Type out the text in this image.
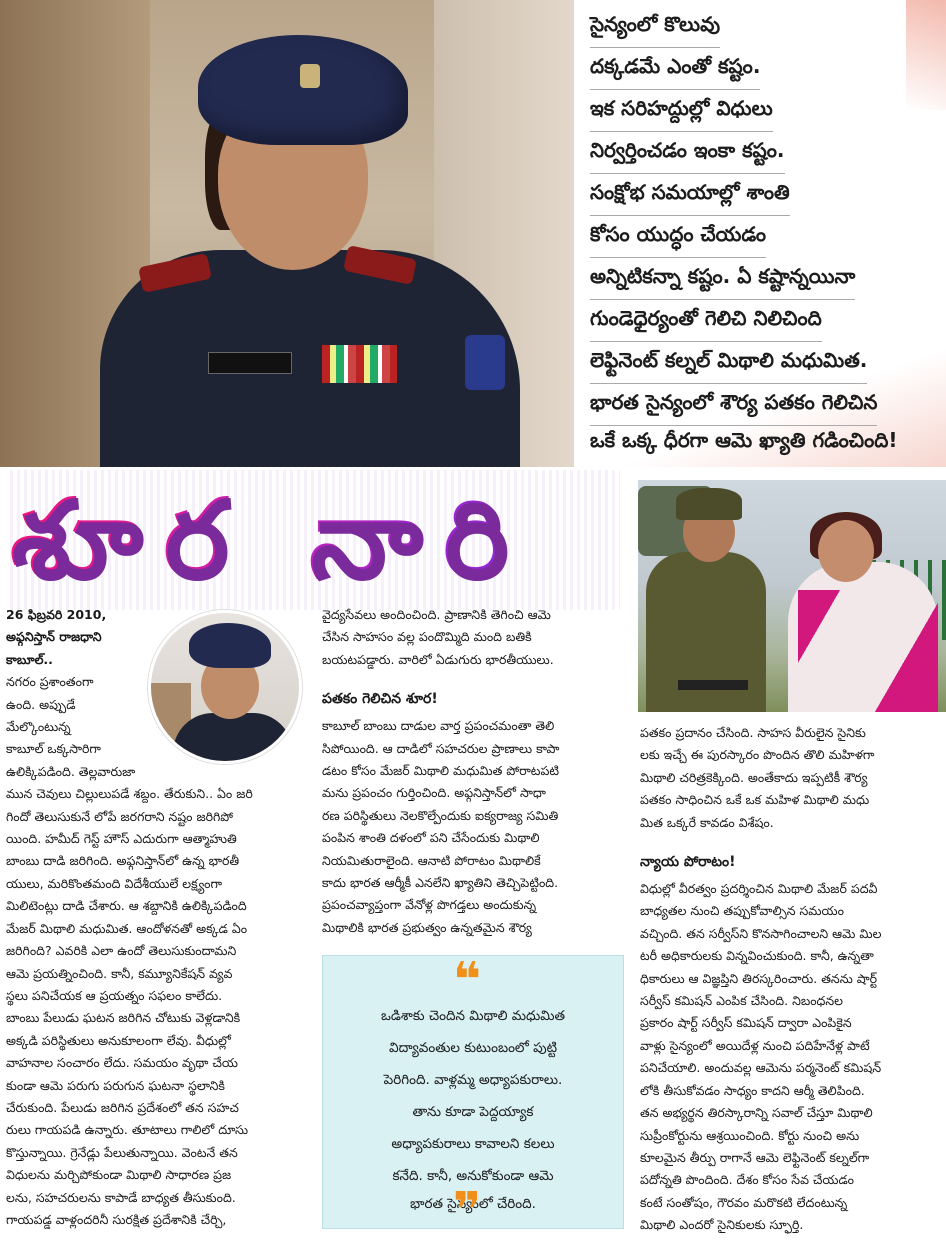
సైన్యంలో కొలువు
దక్కడమే ఎంతో కష్టం.
ఇక సరిహద్దుల్లో విధులు
నిర్వర్తించడం ఇంకా కష్టం.
సంక్షోభ సమయాల్లో శాంతి
కోసం యుద్ధం చేయడం
అన్నిటికన్నా కష్టం. ఏ కష్టాన్నయినా
గుండెధైర్యంతో గెలిచి నిలిచింది
లెఫ్టినెంట్ కల్నల్ మిథాలి మధుమిత.
భారత సైన్యంలో శౌర్య పతకం గెలిచిన
ఒకే ఒక్క ధీరగా ఆమె ఖ్యాతి గడించింది!
శూర నారి
26 ఫిబ్రవరి 2010,
అఫ్గనిస్తాన్ రాజధాని
కాబూల్..
నగరం ప్రశాంతంగా
ఉంది. అప్పుడే
మేల్కొంటున్న
కాబూల్ ఒక్కసారిగా
ఉలిక్కిపడింది. తెల్లవారుజా
మున చెవులు చిల్లులుపడే శబ్దం. తేరుకుని.. ఏం జరి
గిందో తెలుసుకునే లోపే జరగరాని నష్టం జరిగిపో
యింది. హమీద్ గెస్ట్ హౌస్ ఎదురుగా ఆత్మాహుతి
బాంబు దాడి జరిగింది. అఫ్గనిస్తాన్‌లో ఉన్న భారతీ
యులు, మరికొంతమంది విదేశీయులే లక్ష్యంగా
మిలిటెంట్లు దాడి చేశారు. ఆ శబ్దానికి ఉలిక్కిపడింది
మేజర్ మిథాలి మధుమిత. ఆందోళనతో అక్కడ ఏం
జరిగింది? ఎవరికి ఎలా ఉందో తెలుసుకుందామని
ఆమె ప్రయత్నించింది. కానీ, కమ్యూనికేషన్ వ్యవ
స్థలు పనిచేయక ఆ ప్రయత్నం సఫలం కాలేదు.
బాంబు పేలుడు ఘటన జరిగిన చోటుకు వెళ్లడానికి
అక్కడి పరిస్థితులు అనుకూలంగా లేవు. వీధుల్లో
వాహనాల సంచారం లేదు. సమయం వృథా చేయ
కుండా ఆమె పరుగు పరుగున ఘటనా స్థలానికి
చేరుకుంది. పేలుడు జరిగిన ప్రదేశంలో తన సహచ
రులు గాయపడి ఉన్నారు. తూటాలు గాలిలో దూసు
కొస్తున్నాయి. గ్రెనేడ్లు పేలుతున్నాయి. వెంటనే తన
విధులను మర్చిపోకుండా మిథాలి సాధారణ ప్రజ
లను, సహచరులను కాపాడే బాధ్యత తీసుకుంది.
గాయపడ్డ వాళ్లందరినీ సురక్షిత ప్రదేశానికి చేర్చి,
వైద్యసేవలు అందించింది. ప్రాణానికి తెగించి ఆమె
చేసిన సాహసం వల్ల పందొమ్మిది మంది బతికి
బయటపడ్డారు. వారిలో ఏడుగురు భారతీయులు.
పతకం గెలిచిన శూర!
కాబూల్ బాంబు దాడుల వార్త ప్రపంచమంతా తెలి
సిపోయింది. ఆ దాడిలో సహచరుల ప్రాణాలు కాపా
డటం కోసం మేజర్ మిథాలి మధుమిత పోరాటపటి
మను ప్రపంచం గుర్తించింది. అఫ్గనిస్తాన్‌లో సాధా
రణ పరిస్థితులు నెలకొల్పేందుకు ఐక్యరాజ్య సమితి
పంపిన శాంతి దళంలో పని చేసేందుకు మిథాలి
నియమితురాలైంది. ఆనాటి పోరాటం మిథాలికే
కాదు భారత ఆర్మీకీ ఎనలేని ఖ్యాతిని తెచ్చిపెట్టింది.
ప్రపంచవ్యాప్తంగా వేనోళ్ల పొగడ్తలు అందుకున్న
మిథాలికి భారత ప్రభుత్వం ఉన్నతమైన శౌర్య
❝
ఒడిశాకు చెందిన మిథాలి మధుమిత
విద్యావంతుల కుటుంబంలో పుట్టి
పెరిగింది. వాళ్లమ్మ అధ్యాపకురాలు.
తాను కూడా పెద్దయ్యాక
అధ్యాపకురాలు కావాలని కలలు
కనేది. కానీ, అనుకోకుండా ఆమె
భారత సైన్యంలో చేరింది.
❞
పతకం ప్రదానం చేసింది. సాహస వీరులైన సైనికు
లకు ఇచ్చే ఈ పురస్కారం పొందిన తొలి మహిళగా
మిథాలి చరిత్రకెక్కింది. అంతేకాదు ఇప్పటికీ శౌర్య
పతకం సాధించిన ఒకే ఒక మహిళ మిథాలి మధు
మిత ఒక్కరే కావడం విశేషం.
న్యాయ పోరాటం!
విధుల్లో వీరత్వం ప్రదర్శించిన మిథాలి మేజర్ పదవీ
బాధ్యతల నుంచి తప్పుకోవాల్సిన సమయం
వచ్చింది. తన సర్వీస్‌ని కొనసాగించాలని ఆమె మిల
టరీ అధికారులకు విన్నవించుకుంది. కానీ, ఉన్నతా
ధికారులు ఆ విజ్ఞప్తిని తిరస్కరించారు. తనను షార్ట్
సర్వీస్ కమిషన్ ఎంపిక చేసింది. నిబంధనల
ప్రకారం షార్ట్ సర్వీస్ కమిషన్ ద్వారా ఎంపికైన
వాళ్లు సైన్యంలో అయిదేళ్ల నుంచి పదిహేనేళ్ల పాటే
పనిచేయాలి. అందువల్ల ఆమెను పర్మనెంట్ కమిషన్
లోకి తీసుకోవడం సాధ్యం కాదని ఆర్మీ తెలిపింది.
తన అభ్యర్థన తిరస్కారాన్ని సవాల్ చేస్తూ మిథాలి
సుప్రీంకోర్టును ఆశ్రయించింది. కోర్టు నుంచి అను
కూలమైన తీర్పు రాగానే ఆమె లెఫ్టినెంట్ కల్నల్‌గా
పదోన్నతి పొందింది. దేశం కోసం సేవ చేయడం
కంటే సంతోషం, గౌరవం మరొకటి లేదంటున్న
మిథాలి ఎందరో సైనికులకు స్ఫూర్తి.
